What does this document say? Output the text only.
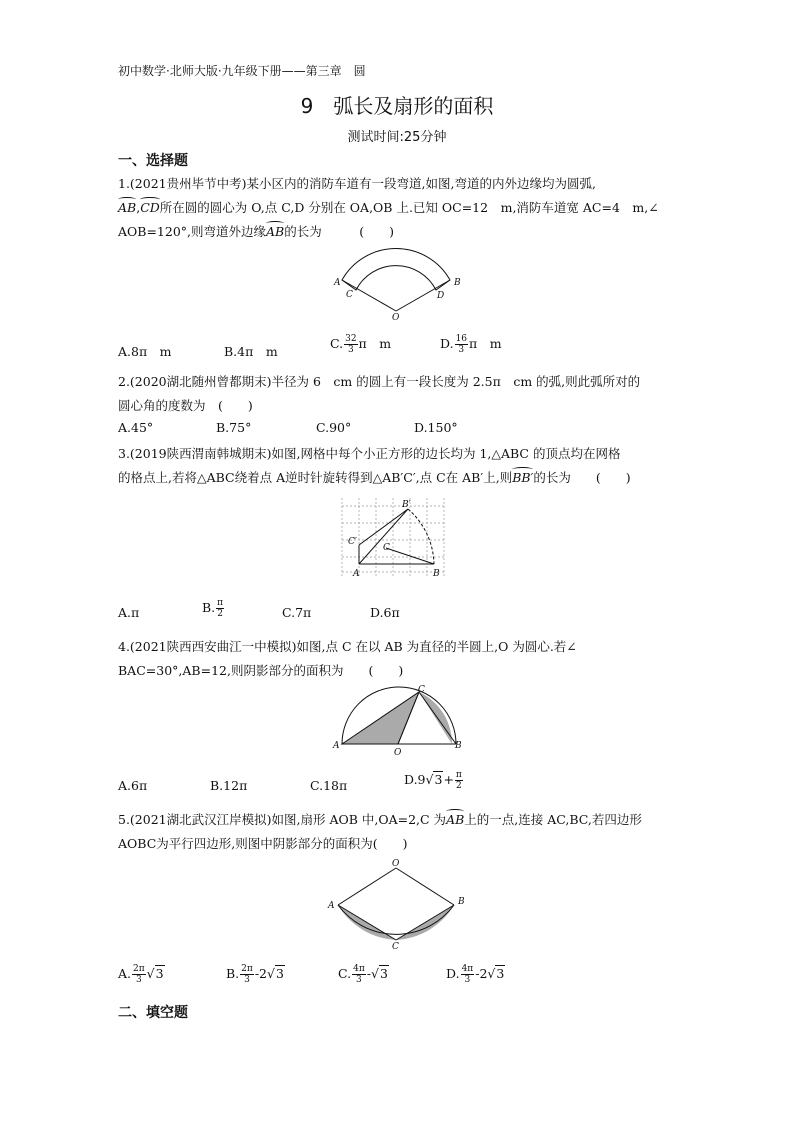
初中数学·北师大版·九年级下册——第三章　圆
9　弧长及扇形的面积
测试时间:25分钟
一、选择题
1.(2021贵州毕节中考)某小区内的消防车道有一段弯道,如图,弯道的内外边缘均为圆弧,
AB,CD所在圆的圆心为 O,点 C,D 分别在 OA,OB 上.已知 OC=12　m,消防车道宽 AC=4　m,∠
AOB=120°,则弯道外边缘AB的长为　　　(　　)
A
C
B
D
O
A.8π　m	B.4π　m
C. $\frac{32}{3}$ π　m	D. $\frac{16}{3}$ π　m
2.(2020湖北随州曾都期末)半径为 6　cm 的圆上有一段长度为 2.5π　cm 的弧,则此弧所对的
圆心角的度数为　(　　)
A.45°	B.75°	C.90°	D.150°
3.(2019陕西渭南韩城期末)如图,网格中每个小正方形的边长均为 1,△ABC 的顶点均在网格
的格点上,若将△ABC绕着点 A逆时针旋转得到△AB′C′,点 C在 AB′上,则BB′的长为　　(　　)
A	B
C
B′
C′
A.π	B. $\frac{\pi}{2}$	C.7π	D.6π
4.(2021陕西西安曲江一中模拟)如图,点 C 在以 AB 为直径的半圆上,O 为圆心.若∠
BAC=30°,AB=12,则阴影部分的面积为　　(　　)
A	B
C
O
A.6π	B.12π	C.18π	$D.9√3+ \frac{\pi}{2}$
5.(2021湖北武汉江岸模拟)如图,扇形 AOB 中,OA=2,C 为AB上的一点,连接 AC,BC,若四边形
AOBC为平行四边形,则图中阴影部分的面积为(　　)
O
A	B
C
A. $\frac{2\pi}{3} √3$	B. $\frac{2\pi}{3} -2√3$	C. $\frac{4\pi}{3} -√3$	D. $\frac{4\pi}{3} -2√3$
二、填空题
